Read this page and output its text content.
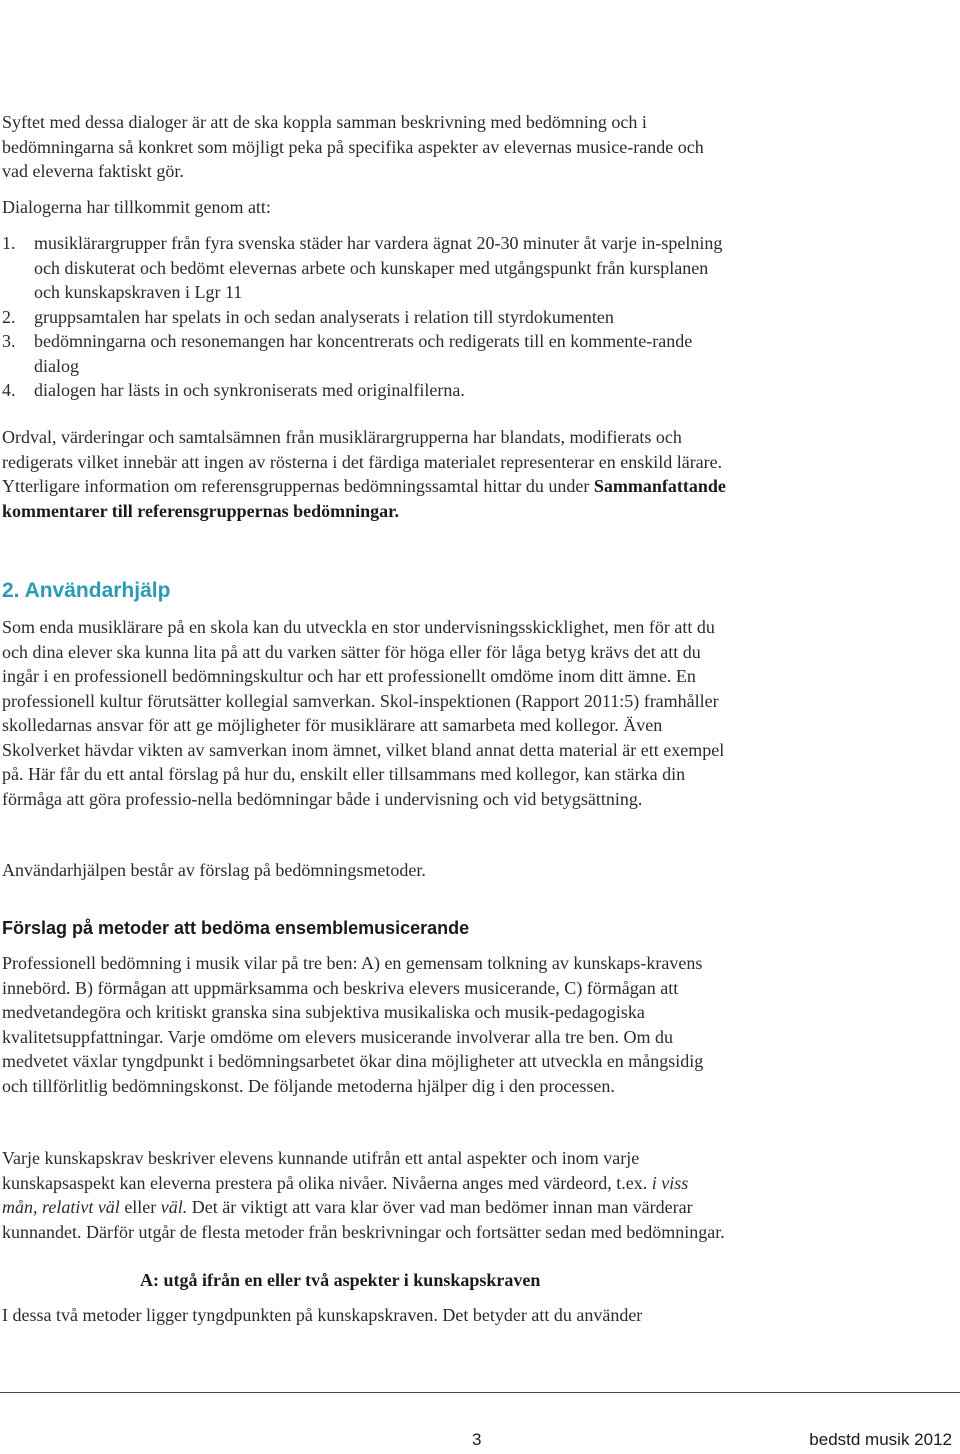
Syftet med dessa dialoger är att de ska koppla samman beskrivning med bedömning och i bedömningarna så konkret som möjligt peka på specifika aspekter av elevernas musice-rande och vad eleverna faktiskt gör.

Dialogerna har tillkommit genom att:

1. musiklärargrupper från fyra svenska städer har vardera ägnat 20-30 minuter åt varje in-spelning och diskuterat och bedömt elevernas arbete och kunskaper med utgångspunkt från kursplanen och kunskapskraven i Lgr 11
2. gruppsamtalen har spelats in och sedan analyserats i relation till styrdokumenten
3. bedömningarna och resonemangen har koncentrerats och redigerats till en kommente-rande dialog
4. dialogen har lästs in och synkroniserats med originalfilerna.

Ordval, värderingar och samtalsämnen från musiklärargrupperna har blandats, modifierats och redigerats vilket innebär att ingen av rösterna i det färdiga materialet representerar en enskild lärare. Ytterligare information om referensgruppernas bedömningssamtal hittar du under Sammanfattande kommentarer till referensgruppernas bedömningar.

2. Användarhjälp

Som enda musiklärare på en skola kan du utveckla en stor undervisningsskicklighet, men för att du och dina elever ska kunna lita på att du varken sätter för höga eller för låga betyg krävs det att du ingår i en professionell bedömningskultur och har ett professionellt omdöme inom ditt ämne. En professionell kultur förutsätter kollegial samverkan. Skol-inspektionen (Rapport 2011:5) framhåller skolledarnas ansvar för att ge möjligheter för musiklärare att samarbeta med kollegor. Även Skolverket hävdar vikten av samverkan inom ämnet, vilket bland annat detta material är ett exempel på. Här får du ett antal förslag på hur du, enskilt eller tillsammans med kollegor, kan stärka din förmåga att göra professio-nella bedömningar både i undervisning och vid betygsättning.

Användarhjälpen består av förslag på bedömningsmetoder.

Förslag på metoder att bedöma ensemblemusicerande

Professionell bedömning i musik vilar på tre ben: A) en gemensam tolkning av kunskaps-kravens innebörd. B) förmågan att uppmärksamma och beskriva elevers musicerande, C) förmågan att medvetandegöra och kritiskt granska sina subjektiva musikaliska och musik-pedagogiska kvalitetsuppfattningar. Varje omdöme om elevers musicerande involverar alla tre ben. Om du medvetet växlar tyngdpunkt i bedömningsarbetet ökar dina möjligheter att utveckla en mångsidig och tillförlitlig bedömningskonst. De följande metoderna hjälper dig i den processen.

Varje kunskapskrav beskriver elevens kunnande utifrån ett antal aspekter och inom varje kunskapsaspekt kan eleverna prestera på olika nivåer. Nivåerna anges med värdeord, t.ex. i viss mån, relativt väl eller väl. Det är viktigt att vara klar över vad man bedömer innan man värderar kunnandet. Därför utgår de flesta metoder från beskrivningar och fortsätter sedan med bedömningar.

A: utgå ifrån en eller två aspekter i kunskapskraven

I dessa två metoder ligger tyngdpunkten på kunskapskraven. Det betyder att du använder

3	bedstd musik 2012
